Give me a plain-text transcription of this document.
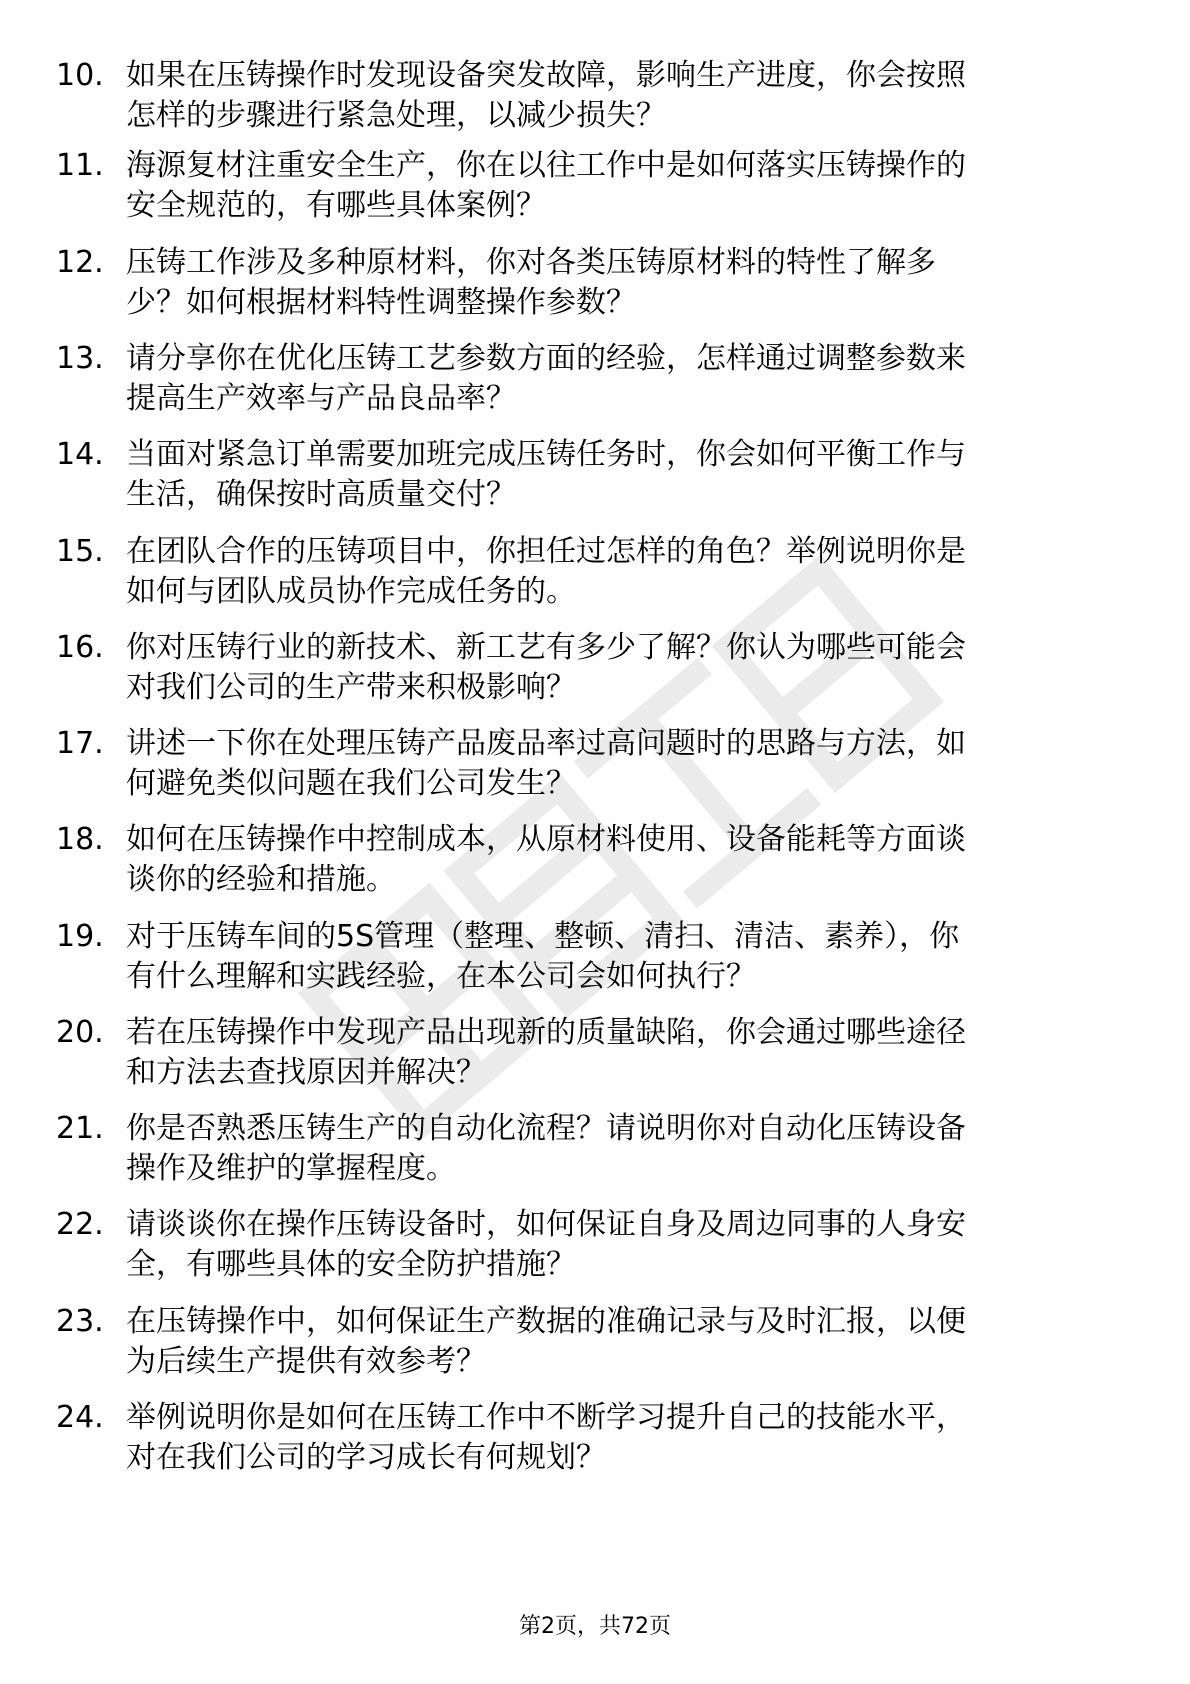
10. 如果在压铸操作时发现设备突发故障，影响生产进度，你会按照
怎样的步骤进行紧急处理，以减少损失？
11. 海源复材注重安全生产，你在以往工作中是如何落实压铸操作的
安全规范的，有哪些具体案例？
12. 压铸工作涉及多种原材料，你对各类压铸原材料的特性了解多
少？如何根据材料特性调整操作参数？
13. 请分享你在优化压铸工艺参数方面的经验，怎样通过调整参数来
提高生产效率与产品良品率？
14. 当面对紧急订单需要加班完成压铸任务时，你会如何平衡工作与
生活，确保按时高质量交付？
15. 在团队合作的压铸项目中，你担任过怎样的角色？举例说明你是
如何与团队成员协作完成任务的。
16. 你对压铸行业的新技术、新工艺有多少了解？你认为哪些可能会
对我们公司的生产带来积极影响？
17. 讲述一下你在处理压铸产品废品率过高问题时的思路与方法，如
何避免类似问题在我们公司发生？
18. 如何在压铸操作中控制成本，从原材料使用、设备能耗等方面谈
谈你的经验和措施。
19. 对于压铸车间的5S管理（整理、整顿、清扫、清洁、素养），你
有什么理解和实践经验，在本公司会如何执行？
20. 若在压铸操作中发现产品出现新的质量缺陷，你会通过哪些途径
和方法去查找原因并解决？
21. 你是否熟悉压铸生产的自动化流程？请说明你对自动化压铸设备
操作及维护的掌握程度。
22. 请谈谈你在操作压铸设备时，如何保证自身及周边同事的人身安
全，有哪些具体的安全防护措施？
23. 在压铸操作中，如何保证生产数据的准确记录与及时汇报，以便
为后续生产提供有效参考？
24. 举例说明你是如何在压铸工作中不断学习提升自己的技能水平，
对在我们公司的学习成长有何规划？
第2页，共72页
